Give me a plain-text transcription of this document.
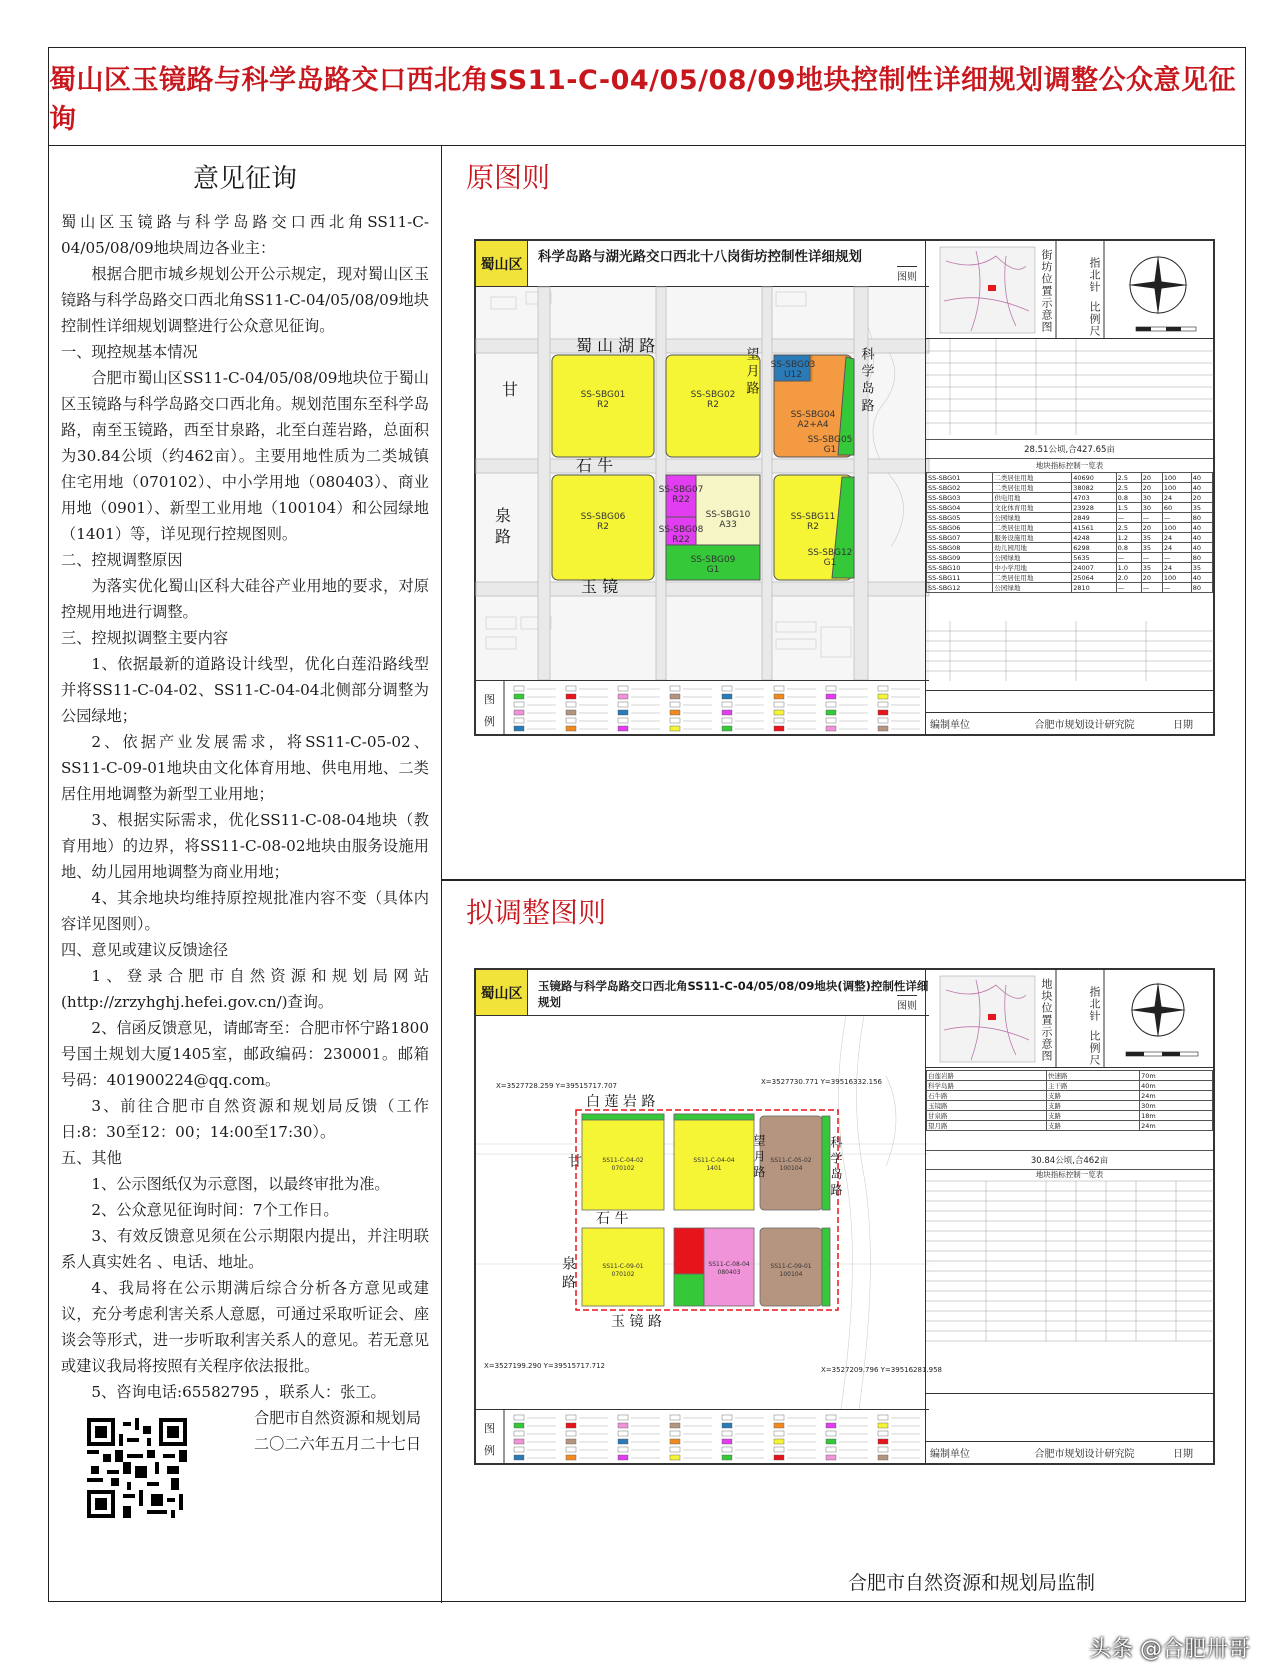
蜀山区玉镜路与科学岛路交口西北角SS11-C-04/05/08/09地块控制性详细规划调整公众意见征询
意见征询

蜀山区玉镜路与科学岛路交口西北角SS11-C-04/05/08/09地块周边各业主：

根据合肥市城乡规划公开公示规定，现对蜀山区玉镜路与科学岛路交口西北角SS11-C-04/05/08/09地块控制性详细规划调整进行公众意见征询。

一、现控规基本情况

合肥市蜀山区SS11-C-04/05/08/09地块位于蜀山区玉镜路与科学岛路交口西北角。规划范围东至科学岛路，南至玉镜路，西至甘泉路，北至白莲岩路，总面积为30.84公顷（约462亩）。主要用地性质为二类城镇住宅用地（070102）、中小学用地（080403）、商业用地（0901）、新型工业用地（100104）和公园绿地（1401）等，详见现行控规图则。

二、控规调整原因

为落实优化蜀山区科大硅谷产业用地的要求，对原控规用地进行调整。

三、控规拟调整主要内容

1、依据最新的道路设计线型，优化白莲沿路线型并将SS11-C-04-02、SS11-C-04-04北侧部分调整为公园绿地；

2、依据产业发展需求，将SS11-C-05-02、SS11-C-09-01地块由文化体育用地、供电用地、二类居住用地调整为新型工业用地；

3、根据实际需求，优化SS11-C-08-04地块（教育用地）的边界，将SS11-C-08-02地块由服务设施用地、幼儿园用地调整为商业用地；

4、其余地块均维持原控规批准内容不变（具体内容详见图则）。

四、意见或建议反馈途径

1、登录合肥市自然资源和规划局网站(http://zrzyhghj.hefei.gov.cn/)查询。

2、信函反馈意见，请邮寄至：合肥市怀宁路1800号国土规划大厦1405室，邮政编码：230001。邮箱号码：401900224@qq.com。

3、前往合肥市自然资源和规划局反馈（工作日:8：30至12：00；14:00至17:30）。

五、其他

1、公示图纸仅为示意图，以最终审批为准。

2、公众意见征询时间：7个工作日。

3、有效反馈意见须在公示期限内提出，并注明联系人真实姓名 、电话、地址。

4、我局将在公示期满后综合分析各方意见或建议，充分考虑利害关系人意愿，可通过采取听证会、座谈会等形式，进一步听取利害关系人的意见。若无意见或建议我局将按照有关程序依法报批。

5、咨询电话:65582795 ，联系人：张工。

合肥市自然资源和规划局

二〇二六年五月二十七日

原图则
拟调整图则
蜀山区	科学岛路与湖光路交口西北十八岗街坊控制性详细规划
图则
蜀 山 湖 路
甘
泉 路
石 牛
望 月 路	科 学 岛 路
玉 镜
SS-SBG01
R2
SS-SBG02
R2
SS-SBG03
U12
SS-SBG04
A2+A4
SS-SBG05
G1
SS-SBG06
R2
SS-SBG07
R22
SS-SBG08
R22
SS-SBG09
G1
SS-SBG10
A33
SS-SBG11
R2
SS-SBG12
G1
图例
街坊位置示意图	指北针
比例尺
28.51公顷,合427.65亩
地块指标控制一览表
SS-SBG01	二类居住用地	40690	2.5	20	100	40
SS-SBG02	二类居住用地	38082	2.5	20	100	40
SS-SBG03	供电用地	4703	0.8	30	24	20
SS-SBG04	文化体育用地	23928	1.5	30	60	35
SS-SBG05	公园绿地	2849	—	—	—	80
SS-SBG06	二类居住用地	41561	2.5	20	100	40
SS-SBG07	服务设施用地	4248	1.2	35	24	40
SS-SBG08	幼儿园用地	6298	0.8	35	24	40
SS-SBG09	公园绿地	5635	—	—	—	80
SS-SBG10	中小学用地	24007	1.0	35	24	35
SS-SBG11	二类居住用地	25064	2.0	20	100	40
SS-SBG12	公园绿地	2810	—	—	—	80
编制单位	合肥市规划设计研究院	日期
蜀山区	玉镜路与科学岛路交口西北角SS11-C-04/05/08/09地块(调整)控制性详细规划	图则
白 莲 岩 路
甘
泉 路
石 牛
望 月 路	科 学 岛 路
玉 镜 路
X=3527728.259 Y=39515717.707	X=3527730.771 Y=39516332.156
X=3527199.290 Y=39515717.712	X=3527209.796 Y=39516281.958
SS11-C-04-02
070102
SS11-C-04-04
1401
SS11-C-05-02
100104
SS11-C-09-01
070102
SS11-C-08-04
080403
SS11-C-09-01
100104
图例
地块位置示意图	指北针
比例尺
白莲岩路	快速路	70m
科学岛路	主干路	40m
石牛路	支路	24m
玉镜路	支路	30m
甘泉路	支路	18m
望月路	支路	24m
30.84公顷,合462亩
地块指标控制一览表
编制单位	合肥市规划设计研究院	日期
合肥市自然资源和规划局监制
头条 @合肥卅哥
